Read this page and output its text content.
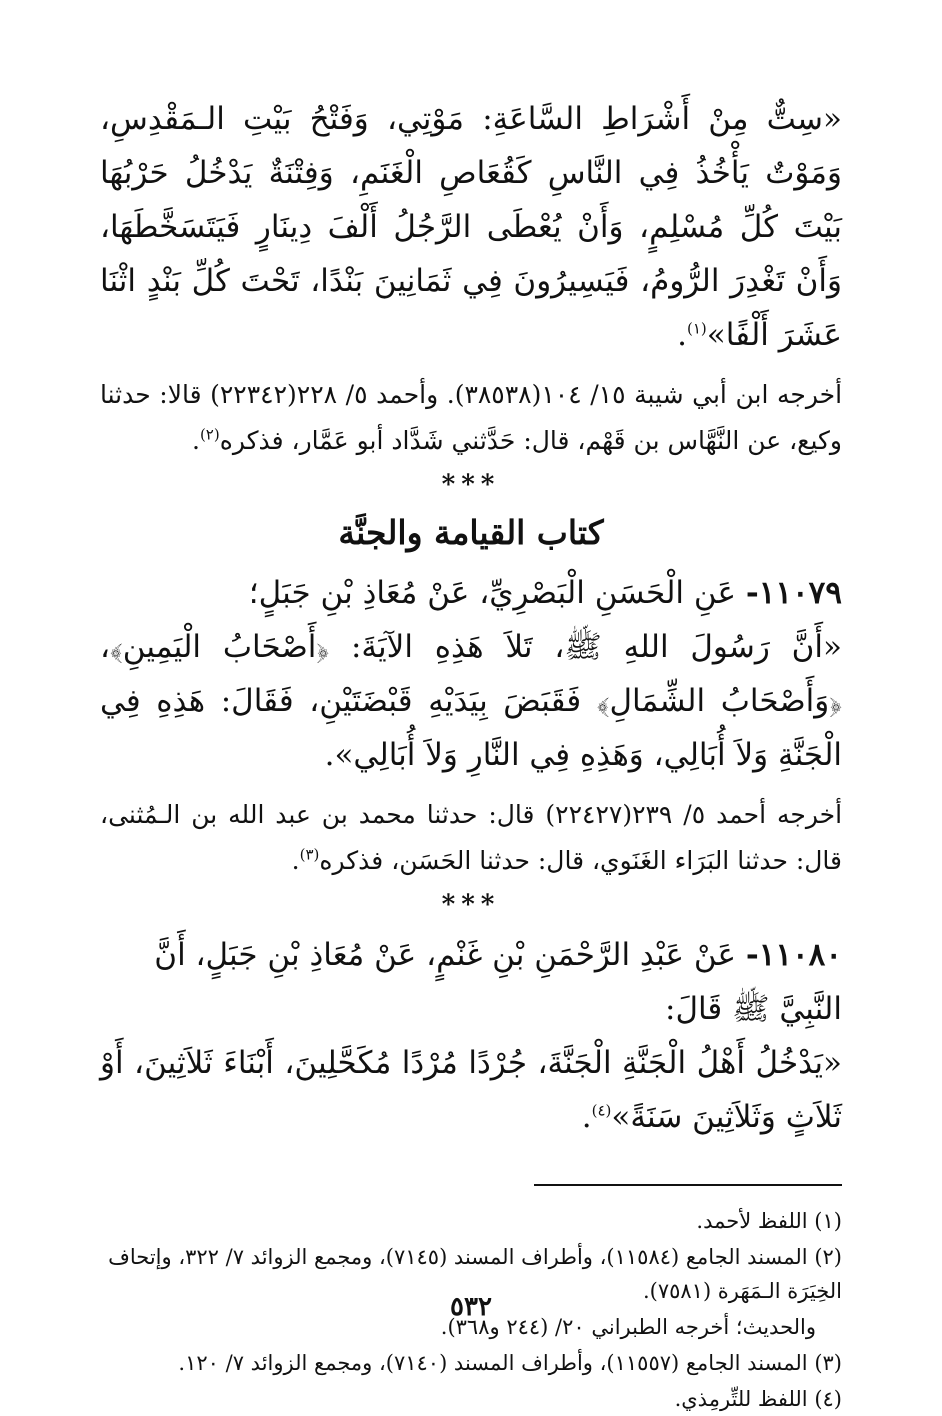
«سِتٌّ مِنْ أَشْرَاطِ السَّاعَةِ: مَوْتِي، وَفَتْحُ بَيْتِ الـمَقْدِسِ، وَمَوْتٌ يَأْخُذُ فِي النَّاسِ كَقُعَاصِ الْغَنَمِ، وَفِتْنَةٌ يَدْخُلُ حَرْبُهَا بَيْتَ كُلِّ مُسْلِمٍ، وَأَنْ يُعْطَى الرَّجُلُ أَلْفَ دِينَارٍ فَيَتَسَخَّطَهَا، وَأَنْ تَغْدِرَ الرُّومُ، فَيَسِيرُونَ فِي ثَمَانِينَ بَنْدًا، تَحْتَ كُلِّ بَنْدٍ اثْنَا عَشَرَ أَلْفًا»$^{(١)}$.

أخرجه ابن أبي شيبة ١٥/ ١٠٤(٣٨٥٣٨). وأحمد ٥/ ٢٢٨(٢٢٣٤٢) قالا: حدثنا وكيع، عن النَّهَّاس بن قَهْم، قال: حَدَّثني شَدَّاد أبو عَمَّار، فذكره$^{(٢)}$.

***
كتاب القيامة والجنَّة

١١٠٧٩- عَنِ الْحَسَنِ الْبَصْرِيِّ، عَنْ مُعَاذِ بْنِ جَبَلٍ؛

«أَنَّ رَسُولَ اللهِ ﷺ، تَلاَ هَذِهِ الآيَةَ: ﴿أَصْحَابُ الْيَمِينِ﴾، ﴿وَأَصْحَابُ الشِّمَالِ﴾ فَقَبَضَ بِيَدَيْهِ قَبْضَتَيْنِ، فَقَالَ: هَذِهِ فِي الْجَنَّةِ وَلاَ أُبَالِي، وَهَذِهِ فِي النَّارِ وَلاَ أُبَالِي».

أخرجه أحمد ٥/ ٢٣٩(٢٢٤٢٧) قال: حدثنا محمد بن عبد الله بن الـمُثنى، قال: حدثنا البَرَاء الغَنَوي، قال: حدثنا الحَسَن، فذكره$^{(٣)}$.

***

١١٠٨٠- عَنْ عَبْدِ الرَّحْمَنِ بْنِ غَنْمٍ، عَنْ مُعَاذِ بْنِ جَبَلٍ، أَنَّ النَّبِيَّ ﷺ قَالَ:

«يَدْخُلُ أَهْلُ الْجَنَّةِ الْجَنَّةَ، جُرْدًا مُرْدًا مُكَحَّلِينَ، أَبْنَاءَ ثَلاَثِينَ، أَوْ ثَلاَثٍ وَثَلاَثِينَ سَنَةً»$^{(٤)}$.

(١) اللفظ لأحمد.

(٢) المسند الجامع (١١٥٨٤)، وأطراف المسند (٧١٤٥)، ومجمع الزوائد ٧/ ٣٢٢، وإتحاف الخِيَرَة الـمَهَرة (٧٥٨١).

والحديث؛ أخرجه الطبراني ٢٠/ (٢٤٤ و٣٦٨).

(٣) المسند الجامع (١١٥٥٧)، وأطراف المسند (٧١٤٠)، ومجمع الزوائد ٧/ ١٢٠.

(٤) اللفظ للتِّرمِذي.

٥٣٢
